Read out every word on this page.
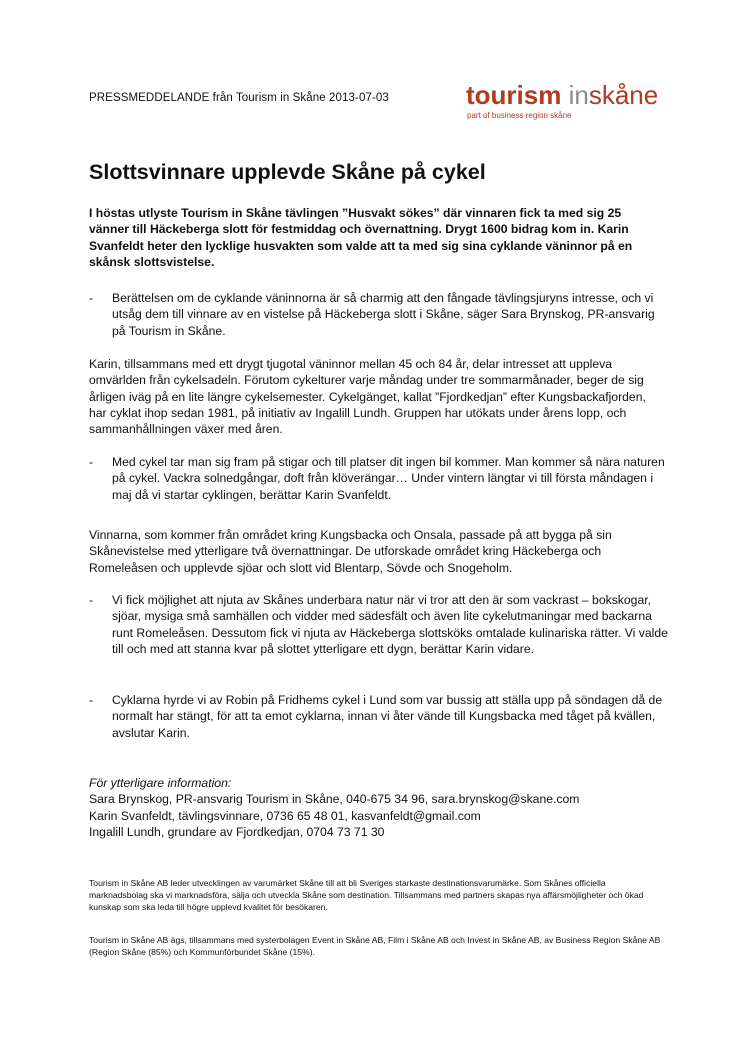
PRESSMEDDELANDE från Tourism in Skåne 2013-07-03	tourism inskåne
part of business region skåne
Slottsvinnare upplevde Skåne på cykel

I höstas utlyste Tourism in Skåne tävlingen ”Husvakt sökes” där vinnaren fick ta med sig 25 vänner till Häckeberga slott för festmiddag och övernattning. Drygt 1600 bidrag kom in. Karin Svanfeldt heter den lycklige husvakten som valde att ta med sig sina cyklande väninnor på en skånsk slottsvistelse.

- Berättelsen om de cyklande väninnorna är så charmig att den fångade tävlingsjuryns intresse, och vi utsåg dem till vinnare av en vistelse på Häckeberga slott i Skåne, säger Sara Brynskog, PR-ansvarig på Tourism in Skåne.

Karin, tillsammans med ett drygt tjugotal väninnor mellan 45 och 84 år, delar intresset att uppleva omvärlden från cykelsadeln. Förutom cykelturer varje måndag under tre sommarmånader, beger de sig årligen iväg på en lite längre cykelsemester. Cykelgänget, kallat ”Fjordkedjan” efter Kungsbackafjorden, har cyklat ihop sedan 1981, på initiativ av Ingalill Lundh. Gruppen har utökats under årens lopp, och sammanhållningen växer med åren.

- Med cykel tar man sig fram på stigar och till platser dit ingen bil kommer. Man kommer så nära naturen på cykel. Vackra solnedgångar, doft från klöverängar… Under vintern längtar vi till första måndagen i maj då vi startar cyklingen, berättar Karin Svanfeldt.

Vinnarna, som kommer från området kring Kungsbacka och Onsala, passade på att bygga på sin Skånevistelse med ytterligare två övernattningar. De utforskade området kring Häckeberga och Romeleåsen och upplevde sjöar och slott vid Blentarp, Sövde och Snogeholm.

- Vi fick möjlighet att njuta av Skånes underbara natur när vi tror att den är som vackrast – bokskogar, sjöar, mysiga små samhällen och vidder med sädesfält och även lite cykelutmaningar med backarna runt Romeleåsen. Dessutom fick vi njuta av Häckeberga slottsköks omtalade kulinariska rätter. Vi valde till och med att stanna kvar på slottet ytterligare ett dygn, berättar Karin vidare.
- Cyklarna hyrde vi av Robin på Fridhems cykel i Lund som var bussig att ställa upp på söndagen då de normalt har stängt, för att ta emot cyklarna, innan vi åter vände till Kungsbacka med tåget på kvällen, avslutar Karin.
För ytterligare information:
Sara Brynskog, PR-ansvarig Tourism in Skåne, 040-675 34 96, sara.brynskog@skane.com
Karin Svanfeldt, tävlingsvinnare, 0736 65 48 01, kasvanfeldt@gmail.com
Ingalill Lundh, grundare av Fjordkedjan, 0704 73 71 30

Tourism in Skåne AB leder utvecklingen av varumärket Skåne till att bli Sveriges starkaste destinationsvarumärke. Som Skånes officiella marknadsbolag ska vi marknadsföra, sälja och utveckla Skåne som destination. Tillsammans med partners skapas nya affärsmöjligheter och ökad kunskap som ska leda till högre upplevd kvalitet för besökaren.

Tourism in Skåne AB ägs, tillsammans med systerbolagen Event in Skåne AB, Film i Skåne AB och Invest in Skåne AB, av Business Region Skåne AB (Region Skåne (85%) och Kommunförbundet Skåne (15%).
